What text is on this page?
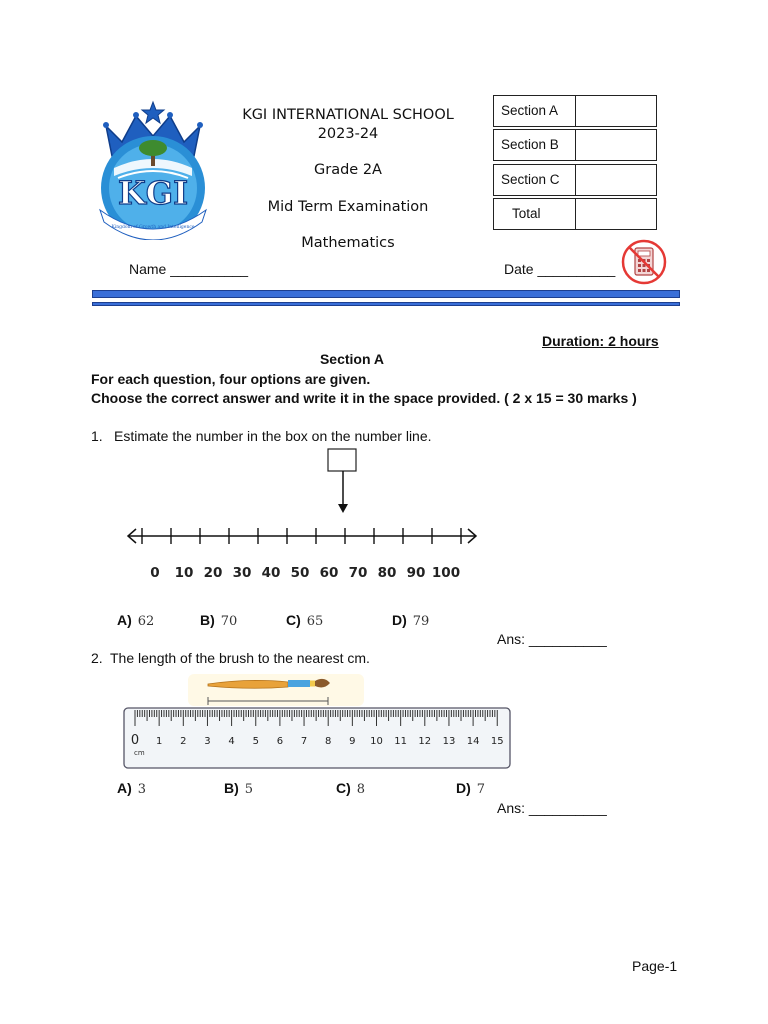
KGI
Kingdom of Growth and Intelligence
KGI INTERNATIONAL SCHOOL
2023-24
Grade 2A
Mid Term Examination
Mathematics
Section A
Section B
Section C
Total
Name __________	Date __________
Duration: 2 hours
Section A
For each question, four options are given.
Choose the correct answer and write it in the space provided. ( 2 x 15 = 30 marks )
1. Estimate the number in the box on the number line.
0 10 20 30 40 50 60 70 80 90 100
A) 62	B) 70	C) 65	D) 79
Ans: __________
2. The length of the brush to the nearest cm.
0 1 2 3 4 5 6 7 8 9 10 11 12 13 14 15
cm
A) 3	B) 5	C) 8	D) 7
Ans: __________
Page-1
